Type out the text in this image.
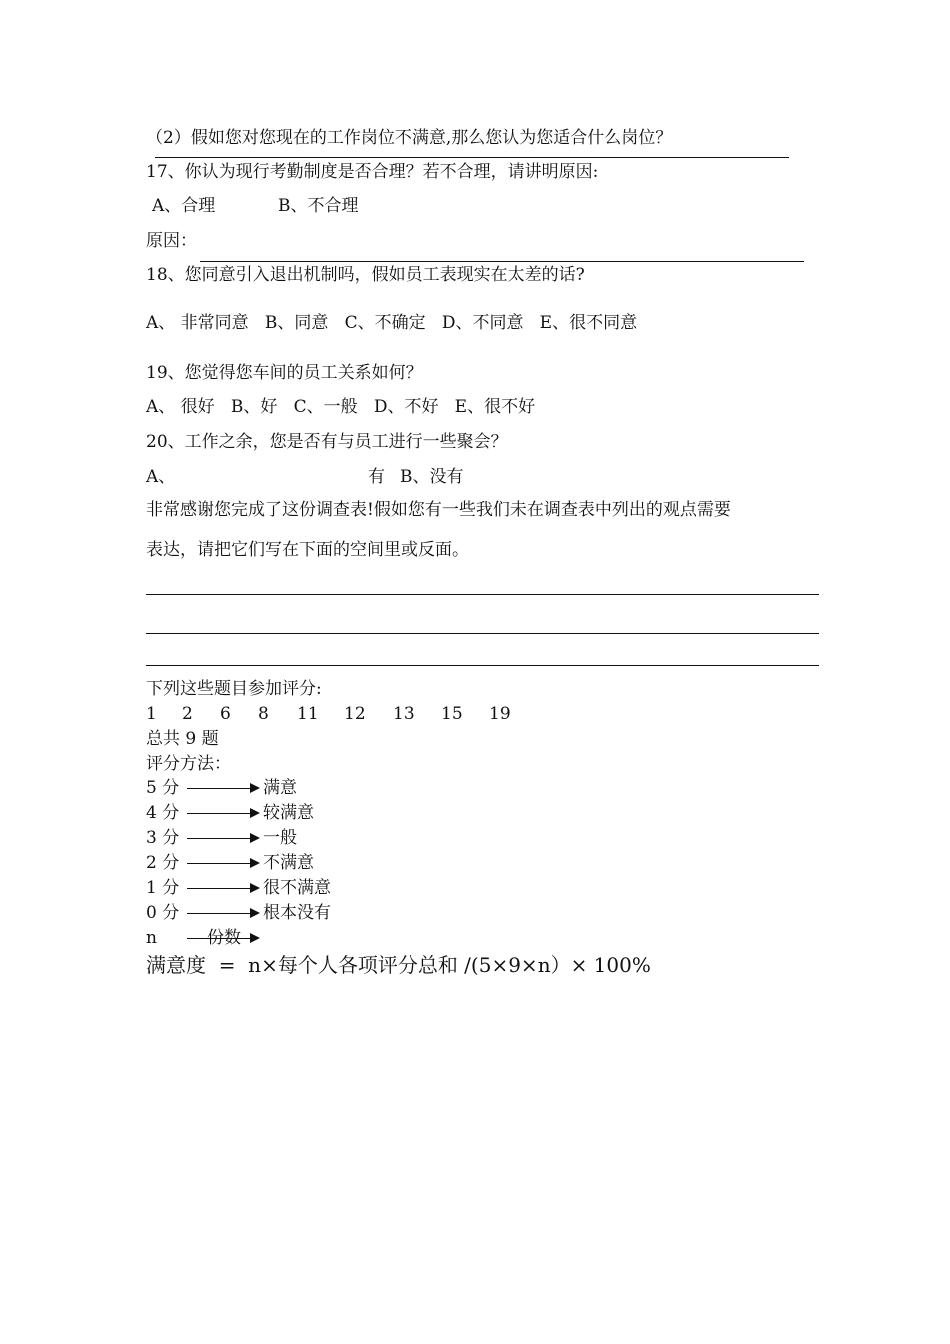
（2）假如您对您现在的工作岗位不满意,那么您认为您适合什么岗位？
17、你认为现行考勤制度是否合理？若不合理，请讲明原因:
A、合理	B、不合理
原因：
18、您同意引入退出机制吗，假如员工表现实在太差的话?
A、 非常同意   B、同意   C、不确定   D、不同意   E、很不同意
19、您觉得您车间的员工关系如何？
A、 很好   B、好   C、一般   D、不好   E、很不好
20、工作之余，您是否有与员工进行一些聚会？
A、	有 B、没有
非常感谢您完成了这份调查表!假如您有一些我们未在调查表中列出的观点需要
表达，请把它们写在下面的空间里或反面。
下列这些题目参加评分:
1 2 6 8 11 12 13 15 19
总共 9 题
评分方法：
5 分	满意
4 分	较满意
3 分	一般
2 分	不满意
1 分	很不满意
0 分	根本没有
n	份数
满意度  =  n×每个人各项评分总和 /(5×9×n）× 100%
